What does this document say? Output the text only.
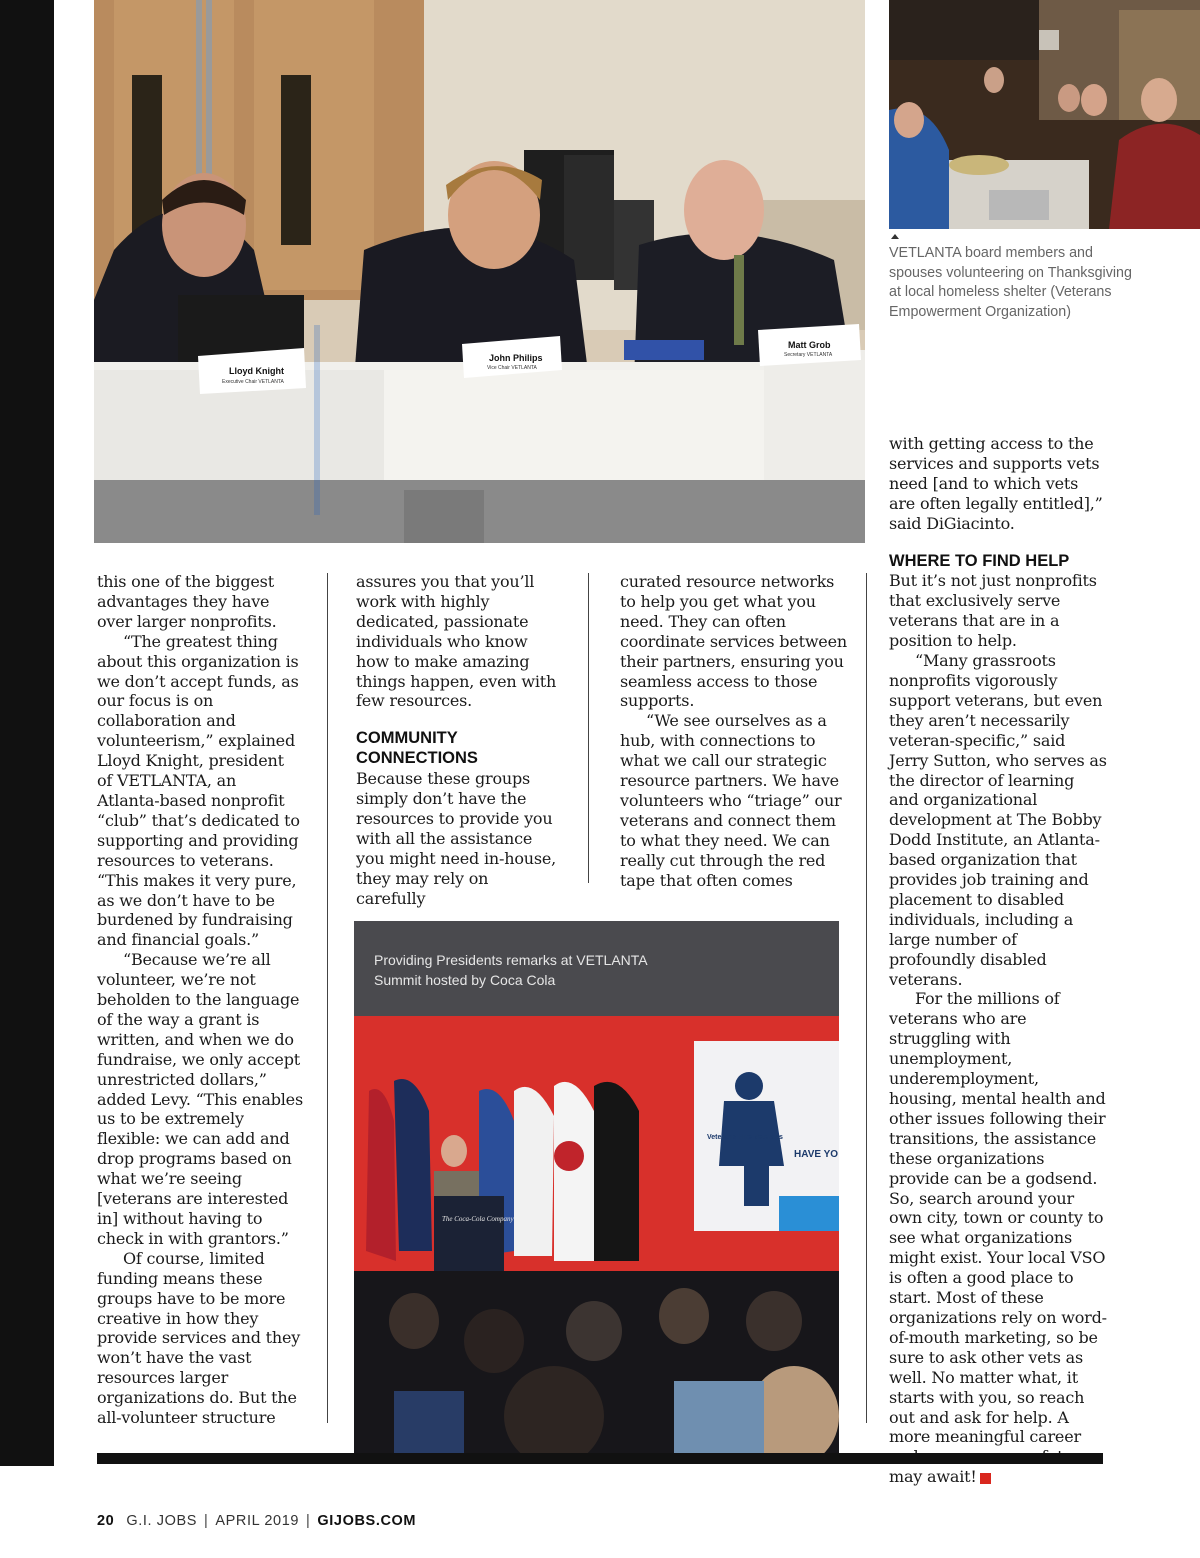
Lloyd Knight
Executive Chair VETLANTA
John Philips
Vice Chair VETLANTA
Matt Grob
Secretary VETLANTA
VETLANTA board members and spouses volunteering on Thanksgiving at local homeless shelter (Veterans Empowerment Organization)
Veterans Hire Veterans
HAVE YO
The Coca-Cola Company
Providing Presidents remarks at VETLANTA Summit hosted by Coca Cola

this one of the biggest advantages they have over larger nonprofits.

“The greatest thing about this organization is we don’t accept funds, as our focus is on collaboration and volunteerism,” explained Lloyd Knight, president of VETLANTA, an Atlanta-based nonprofit “club” that’s dedicated to supporting and providing resources to veterans. “This makes it very pure, as we don’t have to be burdened by fundraising and financial goals.”

“Because we’re all volunteer, we’re not beholden to the language of the way a grant is written, and when we do fundraise, we only accept unrestricted dollars,” added Levy. “This enables us to be extremely flexible: we can add and drop programs based on what we’re seeing [veterans are interested in] without having to check in with grantors.”

Of course, limited funding means these groups have to be more creative in how they provide services and they won’t have the vast resources larger organizations do. But the all-volunteer structure

assures you that you’ll work with highly dedicated, passionate individuals who know how to make amazing things happen, even with few resources.

COMMUNITY CONNECTIONS

Because these groups simply don’t have the resources to provide you with all the assistance you might need in-house, they may rely on carefully

curated resource networks to help you get what you need. They can often coordinate services between their partners, ensuring you seamless access to those supports.

“We see ourselves as a hub, with connections to what we call our strategic resource partners. We have volunteers who “triage” our veterans and connect them to what they need. We can really cut through the red tape that often comes

with getting access to the services and supports vets need [and to which vets are often legally entitled],” said DiGiacinto.

WHERE TO FIND HELP

But it’s not just nonprofits that exclusively serve veterans that are in a position to help.

“Many grassroots nonprofits vigorously support veterans, but even they aren’t necessarily veteran-specific,” said Jerry Sutton, who serves as the director of learning and organizational development at The Bobby Dodd Institute, an Atlanta-based organization that provides job training and placement to disabled individuals, including a large number of profoundly disabled veterans.

For the millions of veterans who are struggling with unemployment, underemployment, housing, mental health and other issues following their transitions, the assistance these organizations provide can be a godsend. So, search around your own city, town or county to see what organizations might exist. Your local VSO is often a good place to start. Most of these organizations rely on word-of-mouth marketing, so be sure to ask other vets as well. No matter what, it starts with you, so reach out and ask for help. A more meaningful career may await!	G

20 G.I. JOBS | APRIL 2019 | GIJOBS.COM
